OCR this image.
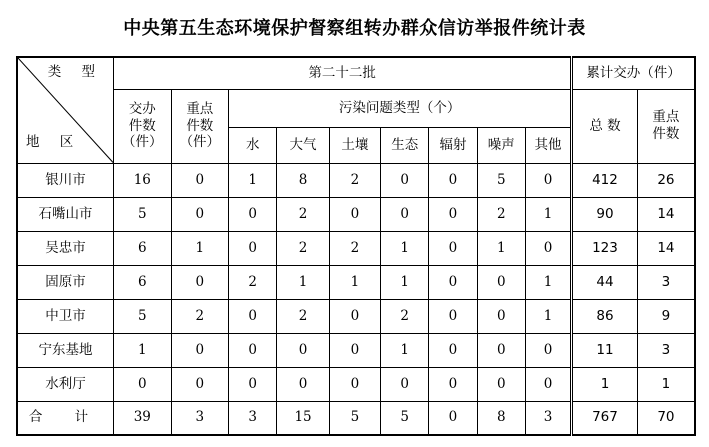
中央第五生态环境保护督察组转办群众信访举报件统计表
类 型
地 区	第二十二批									累计交办（件）	

	交办
件数
（件）	重点
件数
（件）	污染问题类型（个）							总 数	重点
件数

			水	大气	土壤	生态	辐射	噪声	其他		
银川市	16	0	1	8	2	0	0	5	0	412	26
石嘴山市	5	0	0	2	0	0	0	2	1	90	14
吴忠市	6	1	0	2	2	1	0	1	0	123	14
固原市	6	0	2	1	1	1	0	0	1	44	3
中卫市	5	2	0	2	0	2	0	0	1	86	9
宁东基地	1	0	0	0	0	1	0	0	0	11	3
水利厅	0	0	0	0	0	0	0	0	0	1	1
合 计	39	3	3	15	5	5	0	8	3	767	70
